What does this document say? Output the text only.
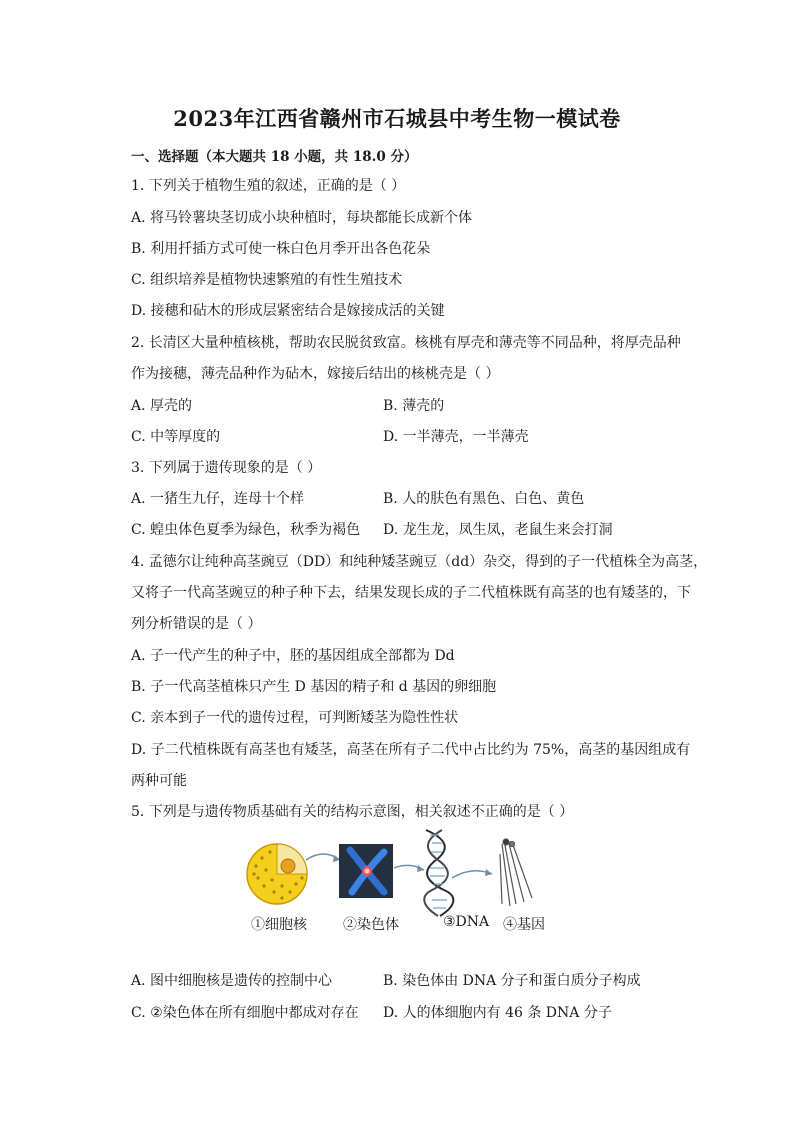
2023年江西省赣州市石城县中考生物一模试卷
一、选择题（本大题共 18 小题，共 18.0 分）
1. 下列关于植物生殖的叙述，正确的是（ ）
A. 将马铃薯块茎切成小块种植时，每块都能长成新个体
B. 利用扦插方式可使一株白色月季开出各色花朵
C. 组织培养是植物快速繁殖的有性生殖技术
D. 接穗和砧木的形成层紧密结合是嫁接成活的关键
2. 长清区大量种植核桃，帮助农民脱贫致富。核桃有厚壳和薄壳等不同品种，将厚壳品种
作为接穗，薄壳品种作为砧木，嫁接后结出的核桃壳是（ ）
A. 厚壳的	B. 薄壳的
C. 中等厚度的	D. 一半薄壳，一半薄壳
3. 下列属于遗传现象的是（ ）
A. 一猪生九仔，连母十个样	B. 人的肤色有黑色、白色、黄色
C. 蝗虫体色夏季为绿色，秋季为褐色 D. 龙生龙，凤生凤，老鼠生来会打洞
4. 孟德尔让纯种高茎豌豆（DD）和纯种矮茎豌豆（dd）杂交，得到的子一代植株全为高茎，
又将子一代高茎豌豆的种子种下去，结果发现长成的子二代植株既有高茎的也有矮茎的，下
列分析错误的是（ ）
A. 子一代产生的种子中，胚的基因组成全部都为 Dd
B. 子一代高茎植株只产生 D 基因的精子和 d 基因的卵细胞
C. 亲本到子一代的遗传过程，可判断矮茎为隐性性状
D. 子二代植株既有高茎也有矮茎，高茎在所有子二代中占比约为 75%，高茎的基因组成有
两种可能
5. 下列是与遗传物质基础有关的结构示意图，相关叙述不正确的是（ ）
①细胞核	②染色体	③DNA ④基因
A. 图中细胞核是遗传的控制中心	B. 染色体由 DNA 分子和蛋白质分子构成
C. ②染色体在所有细胞中都成对存在 D. 人的体细胞内有 46 条 DNA 分子
